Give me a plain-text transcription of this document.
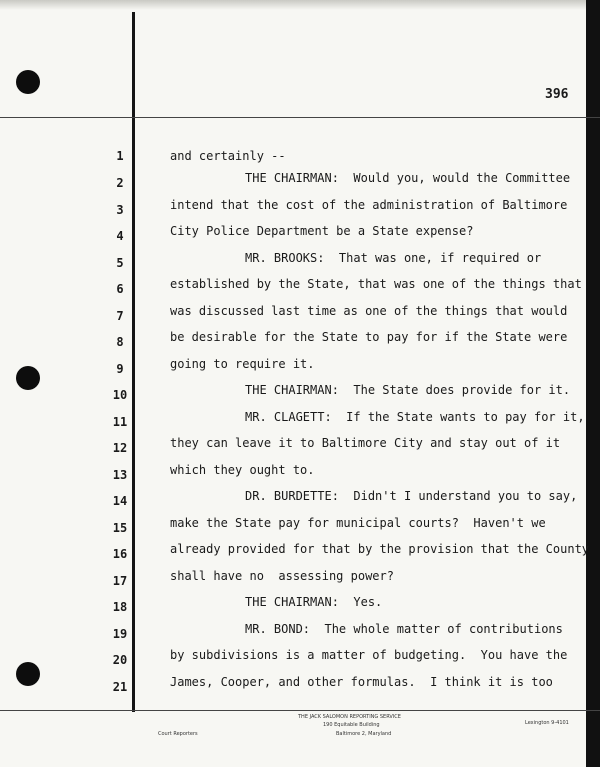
396
1
2
3
4
5
6
7
8
9
10
11
12
13
14
15
16
17
18
19
20
21
and certainly --
THE CHAIRMAN:  Would you, would the Committee
intend that the cost of the administration of Baltimore
City Police Department be a State expense?
MR. BROOKS:  That was one, if required or
established by the State, that was one of the things that
was discussed last time as one of the things that would
be desirable for the State to pay for if the State were
going to require it.
THE CHAIRMAN:  The State does provide for it.
MR. CLAGETT:  If the State wants to pay for it,
they can leave it to Baltimore City and stay out of it
which they ought to.
DR. BURDETTE:  Didn't I understand you to say,
make the State pay for municipal courts?  Haven't we
already provided for that by the provision that the County
shall have no  assessing power?
THE CHAIRMAN:  Yes.
MR. BOND:  The whole matter of contributions
by subdivisions is a matter of budgeting.  You have the
James, Cooper, and other formulas.  I think it is too
THE JACK SALOMON REPORTING SERVICE
190 Equitable Building
Court Reporters	Baltimore 2, Maryland
Lexington 9-4101
